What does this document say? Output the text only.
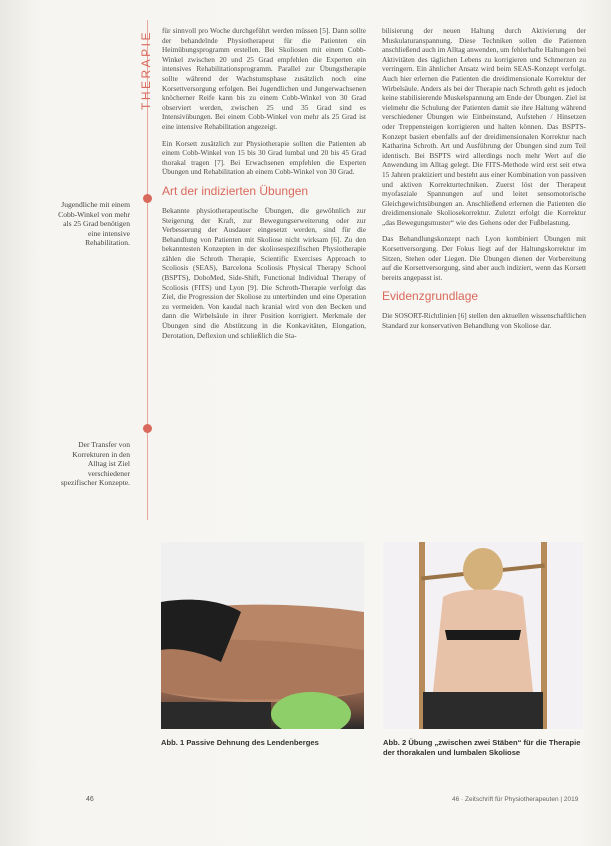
THERAPIE
Jugendliche mit einem Cobb-Winkel von mehr als 25 Grad benötigen eine intensive Rehabilitation.
Der Transfer von Korrekturen in den Alltag ist Ziel verschiedener spezifischer Konzepte.

für sinnvoll pro Woche durchgeführt werden müssen [5]. Dann sollte der behandelnde Physiotherapeut für die Patienten ein Heimübungsprogramm erstellen. Bei Skoliosen mit einem Cobb-Winkel zwischen 20 und 25 Grad empfehlen die Experten ein intensives Rehabilitationsprogramm. Parallel zur Übungstherapie sollte während der Wachstumsphase zusätzlich noch eine Korsettversorgung erfolgen. Bei Jugendlichen und Jungerwachsenen knöcherner Reife kann bis zu einem Cobb-Winkel von 30 Grad observiert werden, zwischen 25 und 35 Grad sind es Intensivübungen. Bei einem Cobb-Winkel von mehr als 25 Grad ist eine intensive Rehabilitation angezeigt.

Ein Korsett zusätzlich zur Physiotherapie sollten die Patienten ab einem Cobb-Winkel von 15 bis 30 Grad lumbal und 20 bis 45 Grad thorakal tragen [7]. Bei Erwachsenen empfehlen die Experten Übungen und Rehabilitation ab einem Cobb-Winkel von 30 Grad.

Art der indizierten Übungen

Bekannte physiotherapeutische Übungen, die gewöhnlich zur Steigerung der Kraft, zur Bewegungserweiterung oder zur Verbesserung der Ausdauer eingesetzt werden, sind für die Behandlung von Patienten mit Skoliose nicht wirksam [6]. Zu den bekanntesten Konzepten in der skoliosespezifischen Physiotherapie zählen die Schroth Therapie, Scientific Exercises Approach to Scoliosis (SEAS), Barcelona Scoliosis Physical Therapy School (BSPTS), DoboMed, Side-Shift, Functional Individual Therapy of Scoliosis (FITS) und Lyon [9]. Die Schroth-Therapie verfolgt das Ziel, die Progression der Skoliose zu unterbinden und eine Operation zu vermeiden. Von kaudal nach kranial wird von den Becken und dann die Wirbelsäule in ihrer Position korrigiert. Merkmale der Übungen sind die Abstützung in die Konkavitäten, Elongation, Derotation, Deflexion und schließlich die Sta-

bilisierung der neuen Haltung durch Aktivierung der Muskulaturanspannung. Diese Techniken sollen die Patienten anschließend auch im Alltag anwenden, um fehlerhafte Haltungen bei Aktivitäten des täglichen Lebens zu korrigieren und Schmerzen zu verringern. Ein ähnlicher Ansatz wird beim SEAS-Konzept verfolgt. Auch hier erlernen die Patienten die dreidimensionale Korrektur der Wirbelsäule. Anders als bei der Therapie nach Schroth geht es jedoch keine stabilisierende Muskelspannung am Ende der Übungen. Ziel ist vielmehr die Schulung der Patienten damit sie ihre Haltung während verschiedener Übungen wie Einbeinstand, Aufstehen / Hinsetzen oder Treppensteigen korrigieren und halten können. Das BSPTS-Konzept basiert ebenfalls auf der dreidimensionalen Korrektur nach Katharina Schroth. Art und Ausführung der Übungen sind zum Teil identisch. Bei BSPTS wird allerdings noch mehr Wert auf die Anwendung im Alltag gelegt. Die FITS-Methode wird erst seit etwa 15 Jahren praktiziert und besteht aus einer Kombination von passiven und aktiven Korrekturtechniken. Zuerst löst der Therapeut myofasziale Spannungen auf und leitet sensomotorische Gleichgewichtsübungen an. Anschließend erlernen die Patienten die dreidimensionale Skoliosekorrektur. Zuletzt erfolgt die Korrektur „das Bewegungsmuster“ wie des Gehens oder der Fußbelastung.

Das Behandlungskonzept nach Lyon kombiniert Übungen mit Korsettversorgung. Der Fokus liegt auf der Haltungskorrektur im Sitzen, Stehen oder Liegen. Die Übungen dienen der Vorbereitung auf die Korsettversorgung, sind aber auch indiziert, wenn das Korsett bereits angepasst ist.

Evidenzgrundlage

Die SOSORT-Richtlinien [6] stellen den aktuellen wissenschaftlichen Standard zur konservativen Behandlung von Skoliose dar.

Abb. 1 Passive Dehnung des Lendenberges	Abb. 2 Übung „zwischen zwei Stäben“ für die Therapie der thorakalen und lumbalen Skoliose
46	46 · Zeitschrift für Physiotherapeuten | 2019
